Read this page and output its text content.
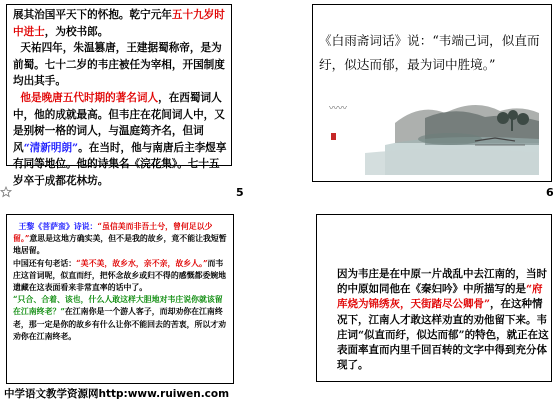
展其治国平天下的怀抱。乾宁元年五十九岁时中进士，为校书郎。
天祐四年，朱温篡唐，王建据蜀称帝，是为前蜀。七十二岁的韦庄被任为宰相，开国制度均出其手。
他是晚唐五代时期的著名词人，在西蜀词人中，他的成就最高。但韦庄在花间词人中，又是别树一格的词人，与温庭筠齐名，但词风“清新明朗”。在当时，他与南唐后主李煜享有同等地位。他的诗集名《浣花集》。七十五岁卒于成都花林坊。
《白雨斋词话》说：“韦端己词，似直而纡，似达而郁，最为词中胜境。”
〰〰
王黎《菩萨蛮》诗说：“虽信美而非吾土兮，曾何足以少留。”意思是这地方确实美，但不是我的故乡，竟不能让我短暂地居留。
中国还有句老话：“美不美，故乡水，亲不亲，故乡人。”而韦庄这首词呢，似直而纡，把怀念故乡或归不得的感慨都委婉地遗藏在这表面看来非常直率的话中了。
“只合、合着、该也，什么人敢这样大胆地对韦庄说你就该留在江南终老？”在江南你是一个游人客子，而却劝你在江南终老，那一定是你的故乡有什么让你不能回去的苦衷，所以才劝劝你在江南终老。
因为韦庄是在中原一片战乱中去江南的，当时的中原如同他在《秦妇吟》中所描写的是“府库烧为锦绣灰，天街踏尽公卿骨”，在这种情况下，江南人才敢这样劝直的劝他留下来。韦庄词“似直而纡，似达而郁”的特色，就正在这表面率直而内里千回百转的文字中得到充分体现了。
5	6
中学语文教学资源网http:www.ruiwen.com
